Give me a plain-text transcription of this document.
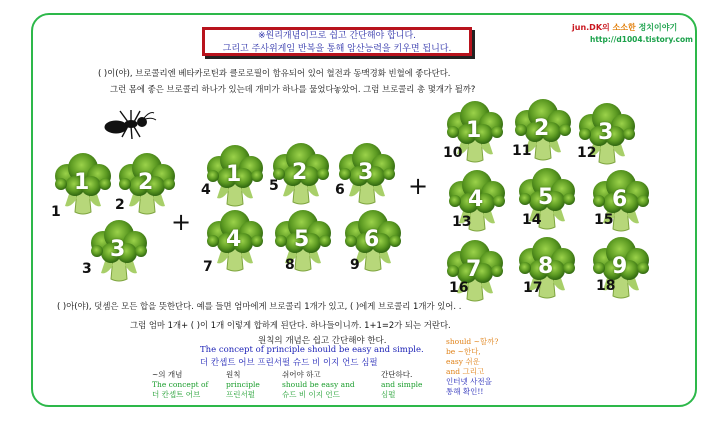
※원리개념이므로 쉽고 간단해야 합니다.
그리고 주사위게임 반복을 통해 암산능력을 키우면 됩니다.
jun.DK의 소소한 정치이야기
http://d1004.tistory.com
( )이(야), 브로콜리엔 베타카로틴과 클로로필이 함유되어 있어 혈전과 동맥경화 빈혈에 좋다단다.
그런 몸에 좋은 브로콜리 하나가 있는데 개미가 하나를 물었다놓았어. 그럼 브로콜리 총 몇개가 될까?
1
1
2
2
3
3
1
4
2
5
3
6
4
7
5
8
6
9
1
10
2
11
3
12
4
13
5
14
6
15
7
16
8
17
9
18
+
+
( )아(야), 덧셈은 모든 합을 뜻한단다. 예를 들면 엄마에게 브로콜리 1개가 있고, ( )에게 브로콜리 1개가 있어. .
그럼 엄마 1개+ ( )이 1개 이렇게 합하게 된단다. 하나들이니까. 1+1=2가 되는 거란다.
원칙의 개념은 쉽고 간단해야 한다.
The concept of principle should be easy and simple.
더 칸셉트 어브 프린서펄 슈드 비 이지 언드 심펄
~의 개념
The concept of
더 칸셉트 어브
원칙
principle
프린서펄
쉬어야 하고
should be easy and
슈드 비 이지 언드
간단하다.
and simple
심펄
should ~할까?
be ~한다,
easy 쉬운
and 그리고
인터넷 사전을
통해 확인!!
